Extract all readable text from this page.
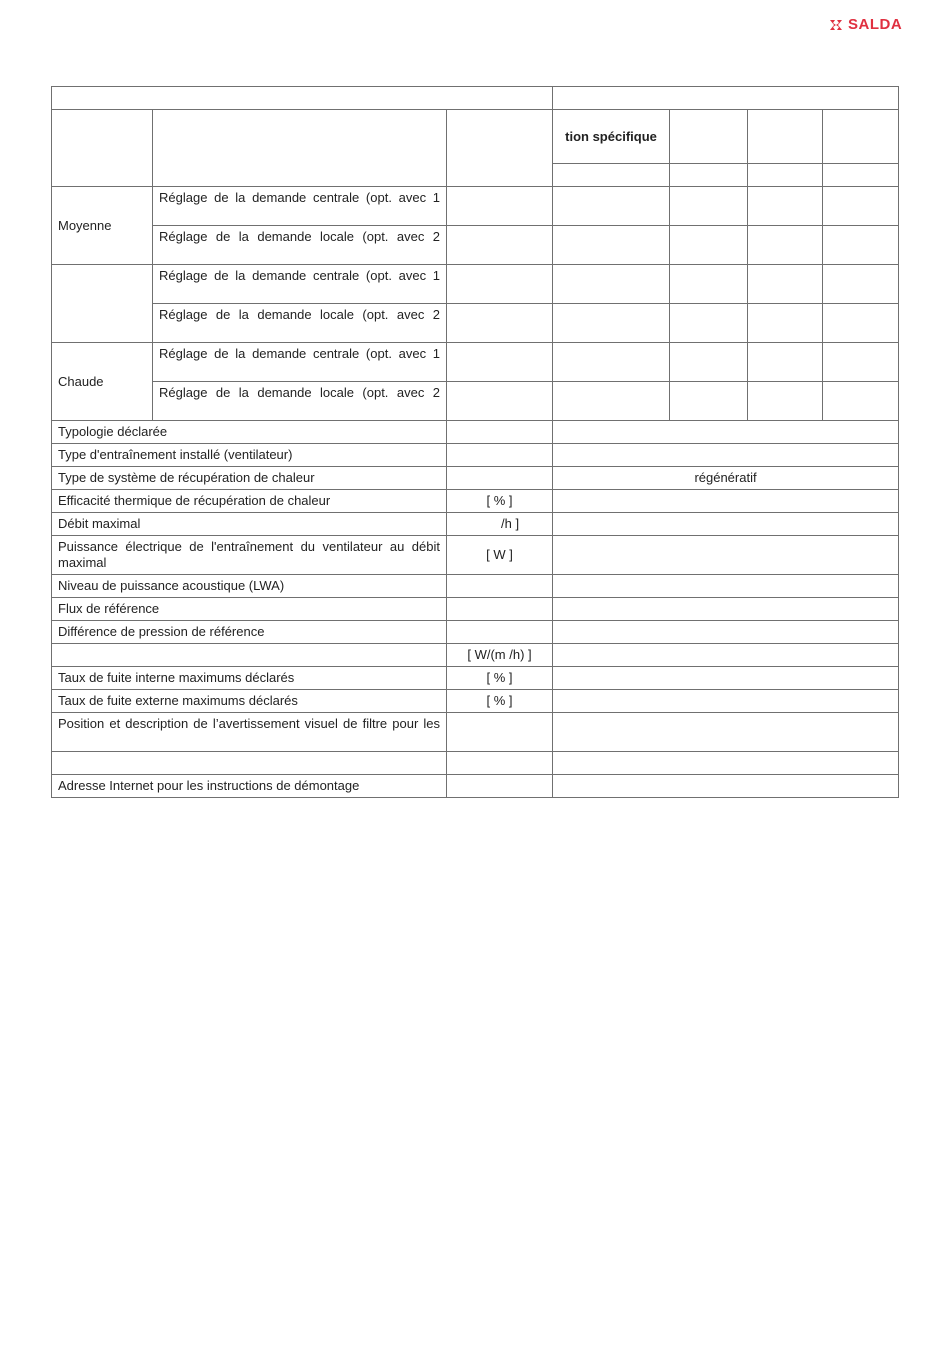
SALDA

			tion spécifique			

Moyenne	Réglage de la demande centrale (opt. avec 1					
	Réglage de la demande locale (opt. avec 2					
	Réglage de la demande centrale (opt. avec 1					
	Réglage de la demande locale (opt. avec 2					
Chaude	Réglage de la demande centrale (opt. avec 1					
	Réglage de la demande locale (opt. avec 2					
Typologie déclarée						
Type d'entraînement installé (ventilateur)						
Type de système de récupération de chaleur			régénératif			
Efficacité thermique de récupération de chaleur		[ % ]				
Débit maximal		/h ]				
Puissance électrique de l'entraînement du ventilateur au débit maximal		[ W ]				
Niveau de puissance acoustique (LWA)						
Flux de référence						
Différence de pression de référence						
		[ W/(m /h) ]				
Taux de fuite interne maximums déclarés		[ % ]				
Taux de fuite externe maximums déclarés		[ % ]				
Position et description de l’avertissement visuel de filtre pour les						

Adresse Internet pour les instructions de démontage						
